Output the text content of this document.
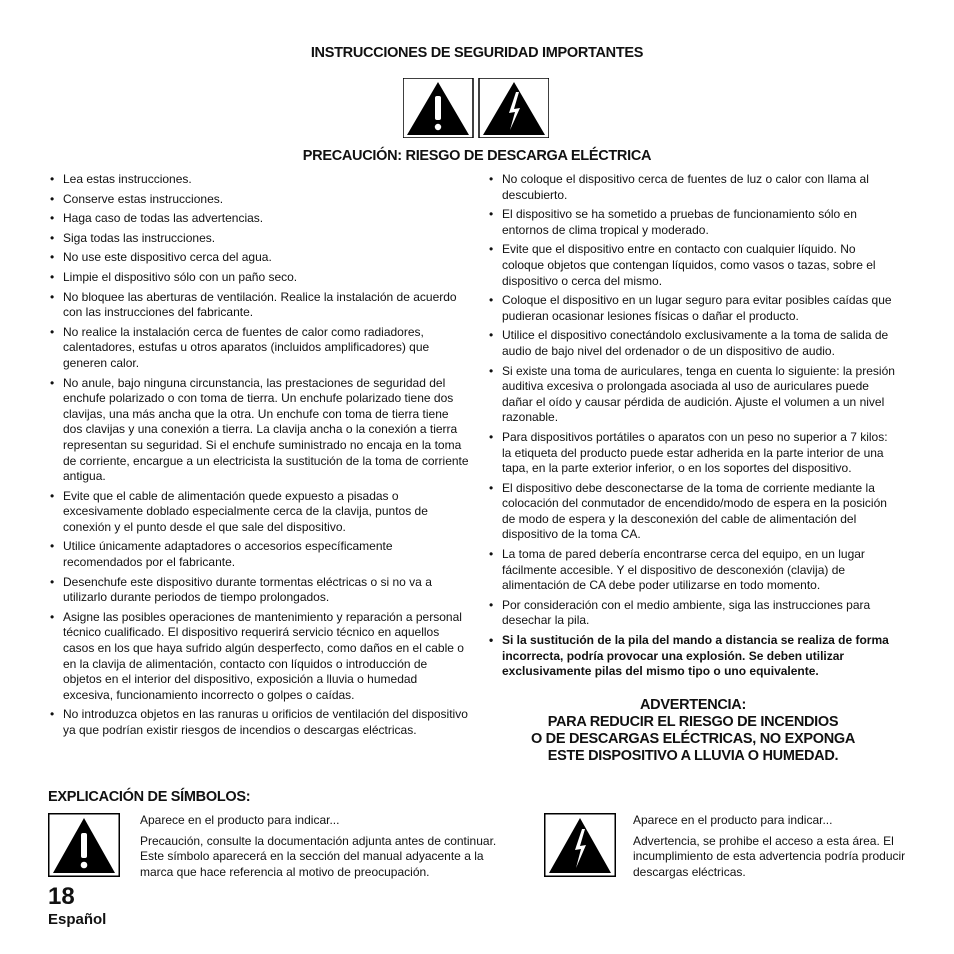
INSTRUCCIONES DE SEGURIDAD IMPORTANTES
PRECAUCIÓN: RIESGO DE DESCARGA ELÉCTRICA
• Lea estas instrucciones.
• Conserve estas instrucciones.
• Haga caso de todas las advertencias.
• Siga todas las instrucciones.
• No use este dispositivo cerca del agua.
• Limpie el dispositivo sólo con un paño seco.
• No bloquee las aberturas de ventilación. Realice la instalación de acuerdo con las instrucciones del fabricante.
• No realice la instalación cerca de fuentes de calor como radiadores, calentadores, estufas u otros aparatos (incluidos amplificadores) que generen calor.
• No anule, bajo ninguna circunstancia, las prestaciones de seguridad del enchufe polarizado o con toma de tierra. Un enchufe polarizado tiene dos clavijas, una más ancha que la otra. Un enchufe con toma de tierra tiene dos clavijas y una conexión a tierra. La clavija ancha o la conexión a tierra representan su seguridad. Si el enchufe suministrado no encaja en la toma de corriente, encargue a un electricista la sustitución de la toma de corriente antigua.
• Evite que el cable de alimentación quede expuesto a pisadas o excesivamente doblado especialmente cerca de la clavija, puntos de conexión y el punto desde el que sale del dispositivo.
• Utilice únicamente adaptadores o accesorios específicamente recomendados por el fabricante.
• Desenchufe este dispositivo durante tormentas eléctricas o si no va a utilizarlo durante periodos de tiempo prolongados.
• Asigne las posibles operaciones de mantenimiento y reparación a personal técnico cualificado. El dispositivo requerirá servicio técnico en aquellos casos en los que haya sufrido algún desperfecto, como daños en el cable o en la clavija de alimentación, contacto con líquidos o introducción de objetos en el interior del dispositivo, exposición a lluvia o humedad excesiva, funcionamiento incorrecto o golpes o caídas.
• No introduzca objetos en las ranuras u orificios de ventilación del dispositivo ya que podrían existir riesgos de incendios o descargas eléctricas.
• No coloque el dispositivo cerca de fuentes de luz o calor con llama al descubierto.
• El dispositivo se ha sometido a pruebas de funcionamiento sólo en entornos de clima tropical y moderado.
• Evite que el dispositivo entre en contacto con cualquier líquido. No coloque objetos que contengan líquidos, como vasos o tazas, sobre el dispositivo o cerca del mismo.
• Coloque el dispositivo en un lugar seguro para evitar posibles caídas que pudieran ocasionar lesiones físicas o dañar el producto.
• Utilice el dispositivo conectándolo exclusivamente a la toma de salida de audio de bajo nivel del ordenador o de un dispositivo de audio.
• Si existe una toma de auriculares, tenga en cuenta lo siguiente: la presión auditiva excesiva o prolongada asociada al uso de auriculares puede dañar el oído y causar pérdida de audición. Ajuste el volumen a un nivel razonable.
• Para dispositivos portátiles o aparatos con un peso no superior a 7 kilos: la etiqueta del producto puede estar adherida en la parte interior de una tapa, en la parte exterior inferior, o en los soportes del dispositivo.
• El dispositivo debe desconectarse de la toma de corriente mediante la colocación del conmutador de encendido/modo de espera en la posición de modo de espera y la desconexión del cable de alimentación del dispositivo de la toma CA.
• La toma de pared debería encontrarse cerca del equipo, en un lugar fácilmente accesible. Y el dispositivo de desconexión (clavija) de alimentación de CA debe poder utilizarse en todo momento.
• Por consideración con el medio ambiente, siga las instrucciones para desechar la pila.
• Si la sustitución de la pila del mando a distancia se realiza de forma incorrecta, podría provocar una explosión. Se deben utilizar exclusivamente pilas del mismo tipo o uno equivalente.
ADVERTENCIA:
PARA REDUCIR EL RIESGO DE INCENDIOS
O DE DESCARGAS ELÉCTRICAS, NO EXPONGA
ESTE DISPOSITIVO A LLUVIA O HUMEDAD.
EXPLICACIÓN DE SÍMBOLOS:

Aparece en el producto para indicar...

Precaución, consulte la documentación adjunta antes de continuar. Este símbolo aparecerá en la sección del manual adyacente a la marca que hace referencia al motivo de preocupación.

Aparece en el producto para indicar...

Advertencia, se prohibe el acceso a esta área. El incumplimiento de esta advertencia podría producir descargas eléctricas.

18
Español
